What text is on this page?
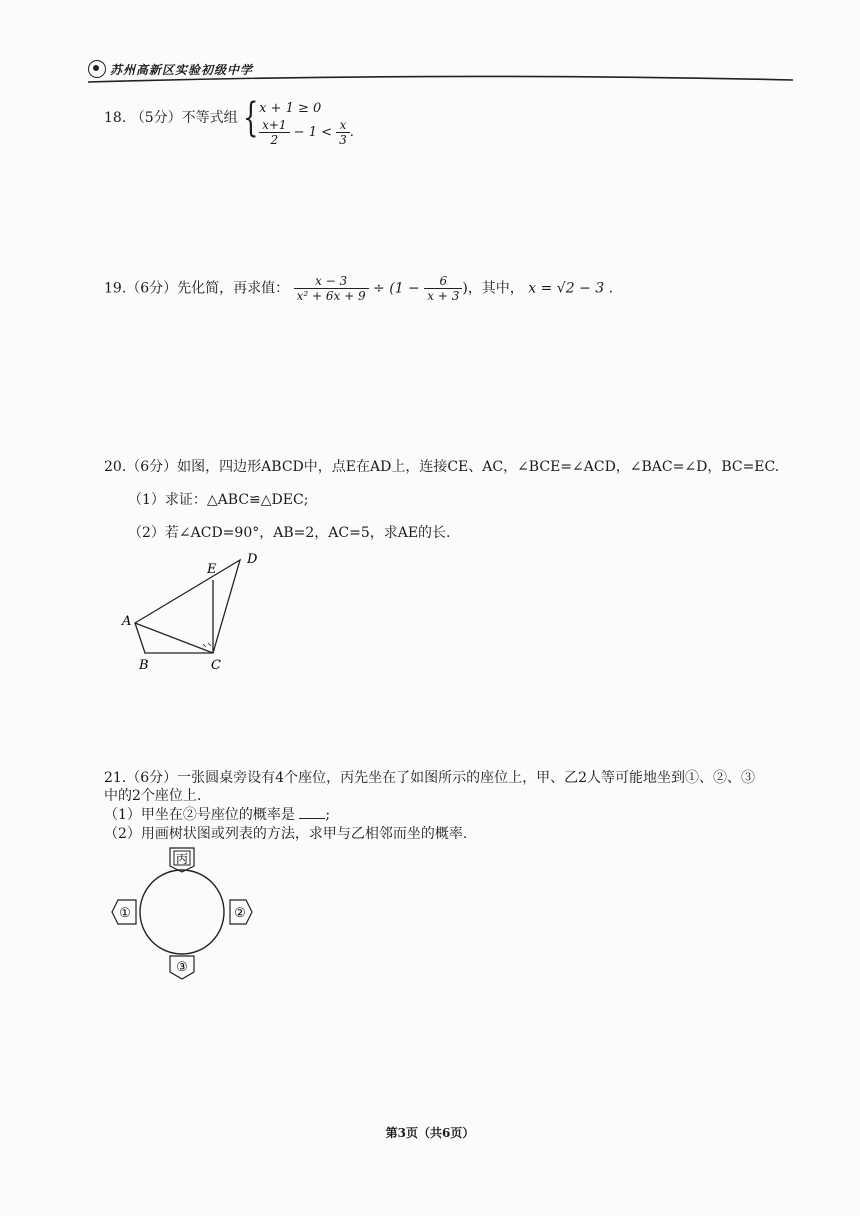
苏州高新区实验初级中学
18. （5分）不等式组 { x + 1 ≥ 0
$\frac{x+1}{2} - 1 < \frac{x}{3}$ .
19.（6分）先化简，再求值： $\frac{x - 3}{\text{x² + 6x + 9}} \div (1 - \frac{6}{x + 3}$ )，其中， x = √2 − 3 .
20.（6分）如图，四边形ABCD中，点E在AD上，连接CE、AC，∠BCE=∠ACD，∠BAC=∠D，BC=EC.
（1）求证：△ABC≌△DEC;
（2）若∠ACD=90°，AB=2，AC=5，求AE的长.
D
E
A
B	C
21.（6分）一张圆桌旁设有4个座位，丙先坐在了如图所示的座位上，甲、乙2人等可能地坐到①、②、③
中的2个座位上.
（1）甲坐在②号座位的概率是 ;
（2）用画树状图或列表的方法，求甲与乙相邻而坐的概率.
丙
①	②
③
第3页（共6页）
